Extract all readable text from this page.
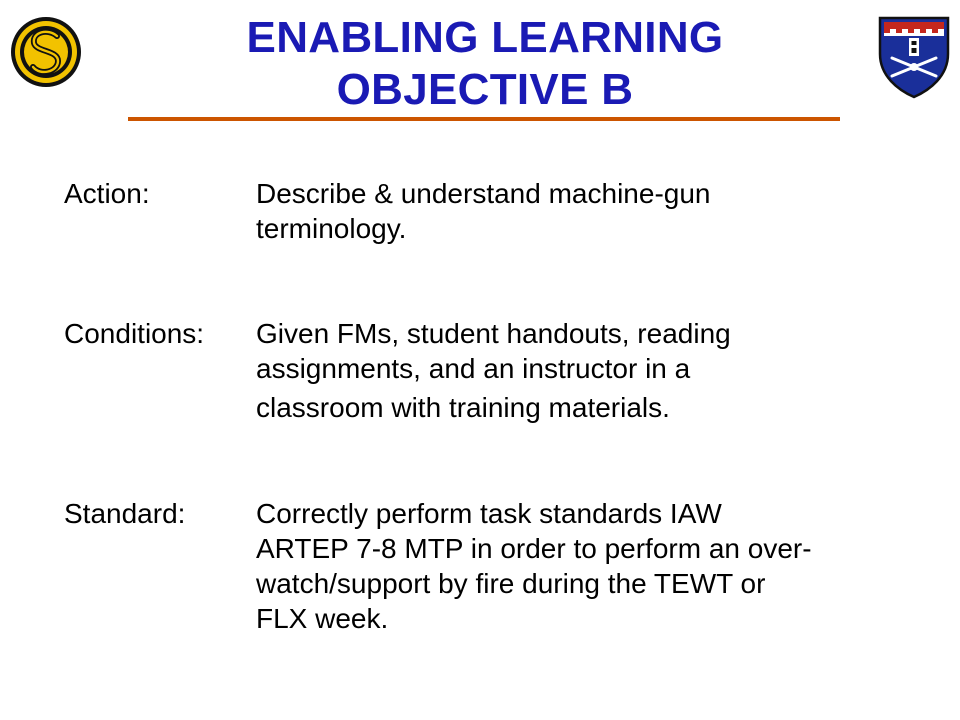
ENABLING LEARNING
OBJECTIVE B
Action:	Describe & understand machine-gun
terminology.
Conditions:	Given FMs, student handouts, reading
assignments, and an instructor in a
classroom with training materials.
Standard:	Correctly perform task standards IAW
ARTEP 7-8 MTP in order to perform an over-
watch/support by fire during the TEWT or
FLX week.
